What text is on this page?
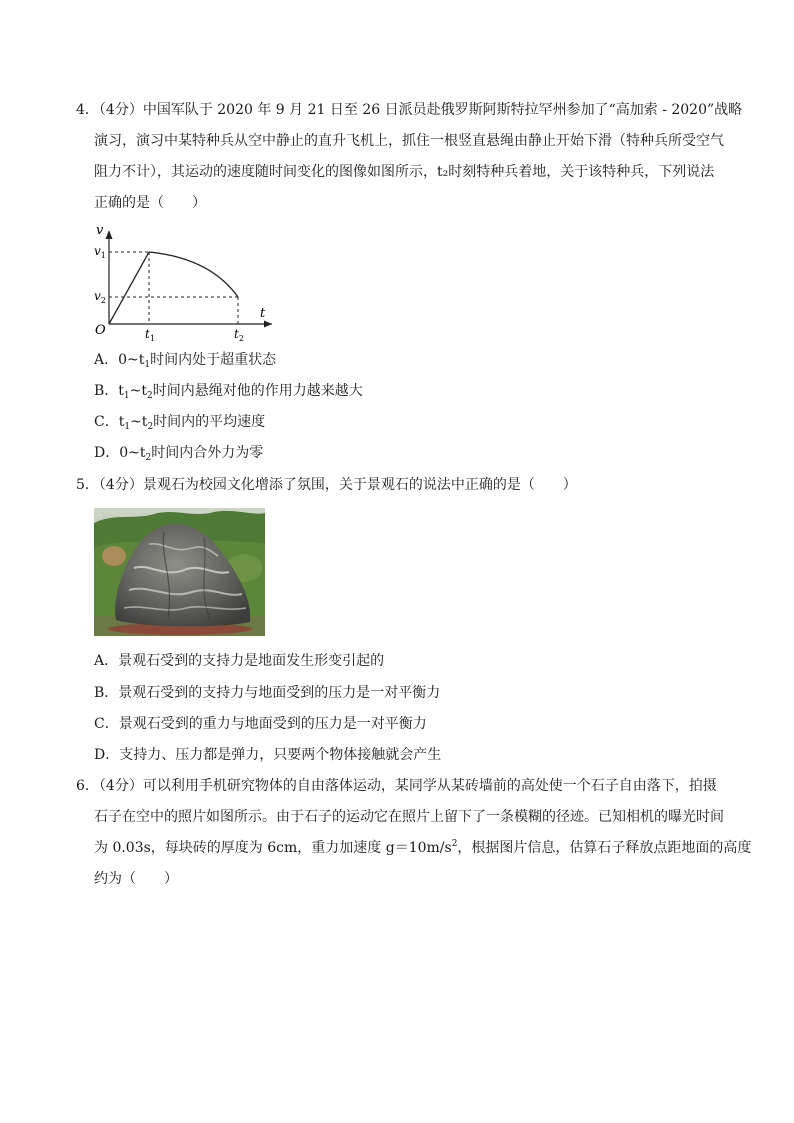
4．（4分）中国军队于 2020 年 9 月 21 日至 26 日派员赴俄罗斯阿斯特拉罕州参加了“高加索 - 2020”战略
演习，演习中某特种兵从空中静止的直升飞机上，抓住一根竖直悬绳由静止开始下滑（特种兵所受空气
阻力不计），其运动的速度随时间变化的图像如图所示，t₂时刻特种兵着地，关于该特种兵，下列说法
正确的是（　　）
v
t
O
$v_1$
$v_2$
$t_1$	$t_2$
A．$0\sim t_1$时间内处于超重状态
B．$t_1\sim t_2$时间内悬绳对他的作用力越来越大
C．$t_1\sim t_2$时间内的平均速度
D．$0\sim t_2$时间内合外力为零
5．（4分）景观石为校园文化增添了氛围，关于景观石的说法中正确的是（　　）
A．景观石受到的支持力是地面发生形变引起的
B．景观石受到的支持力与地面受到的压力是一对平衡力
C．景观石受到的重力与地面受到的压力是一对平衡力
D．支持力、压力都是弹力，只要两个物体接触就会产生
6．（4分）可以利用手机研究物体的自由落体运动，某同学从某砖墙前的高处使一个石子自由落下，拍摄
石子在空中的照片如图所示。由于石子的运动它在照片上留下了一条模糊的径迹。已知相机的曝光时间
为 0.03s，每块砖的厚度为 6cm，重力加速度 $g=10m/s^2$，根据图片信息，估算石子释放点距地面的高度
约为（　　）
